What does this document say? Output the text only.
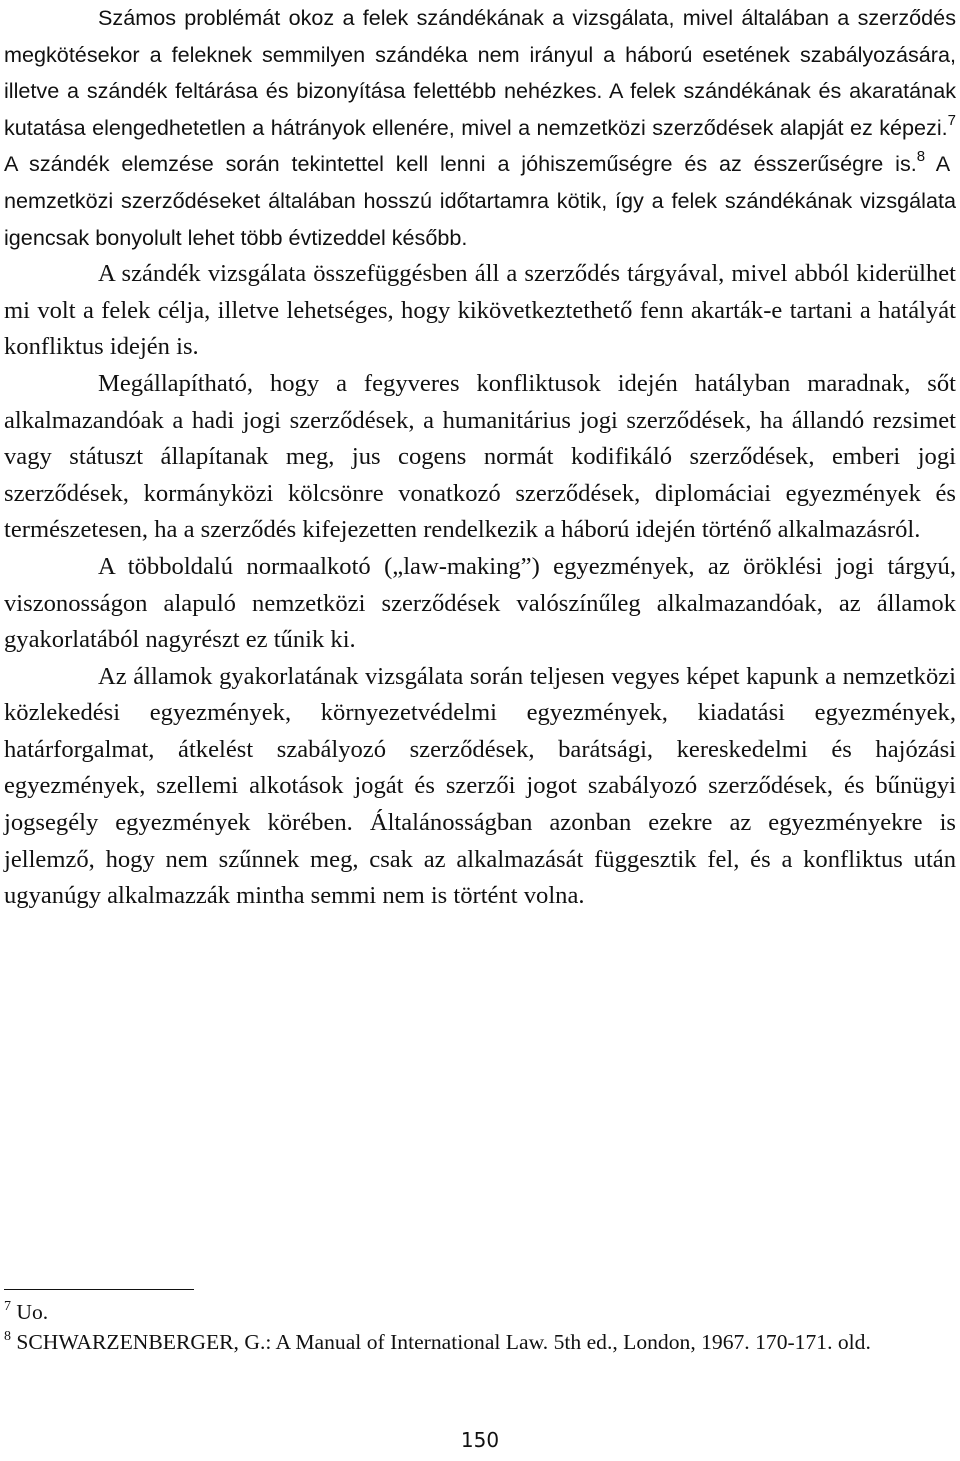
Számos problémát okoz a felek szándékának a vizsgálata, mivel általában a szerződés megkötésekor a feleknek semmilyen szándéka nem irányul a háború esetének szabályozására, illetve a szándék feltárása és bizonyítása felettébb nehézkes. A felek szándékának és akaratának kutatása elengedhetetlen a hátrányok ellenére, mivel a nemzetközi szerződések alapját ez képezi.$^7$ A szándék elemzése során tekintettel kell lenni a jóhiszeműségre és az ésszerűségre is.$^8$ A nemzetközi szerződéseket általában hosszú időtartamra kötik, így a felek szándékának vizsgálata igencsak bonyolult lehet több évtizeddel később.

A szándék vizsgálata összefüggésben áll a szerződés tárgyával, mivel abból kiderülhet mi volt a felek célja, illetve lehetséges, hogy kikövetkeztethető fenn akarták-e tartani a hatályát konfliktus idején is.

Megállapítható, hogy a fegyveres konfliktusok idején hatályban maradnak, sőt alkalmazandóak a hadi jogi szerződések, a humanitárius jogi szerződések, ha állandó rezsimet vagy státuszt állapítanak meg, jus cogens normát kodifikáló szerződések, emberi jogi szerződések, kormányközi kölcsönre vonatkozó szerződések, diplomáciai egyezmények és természetesen, ha a szerződés kifejezetten rendelkezik a háború idején történő alkalmazásról.

A többoldalú normaalkotó („law-making”) egyezmények, az öröklési jogi tárgyú, viszonosságon alapuló nemzetközi szerződések valószínűleg alkalmazandóak, az államok gyakorlatából nagyrészt ez tűnik ki.

Az államok gyakorlatának vizsgálata során teljesen vegyes képet kapunk a nemzetközi közlekedési egyezmények, környezetvédelmi egyezmények, kiadatási egyezmények, határforgalmat, átkelést szabályozó szerződések, barátsági, kereskedelmi és hajózási egyezmények, szellemi alkotások jogát és szerzői jogot szabályozó szerződések, és bűnügyi jogsegély egyezmények körében. Általánosságban azonban ezekre az egyezményekre is jellemző, hogy nem szűnnek meg, csak az alkalmazását függesztik fel, és a konfliktus után ugyanúgy alkalmazzák mintha semmi nem is történt volna.

$^7$ Uo.

$^8$ SCHWARZENBERGER, G.: A Manual of International Law. 5th ed., London, 1967. 170-171. old.

150
